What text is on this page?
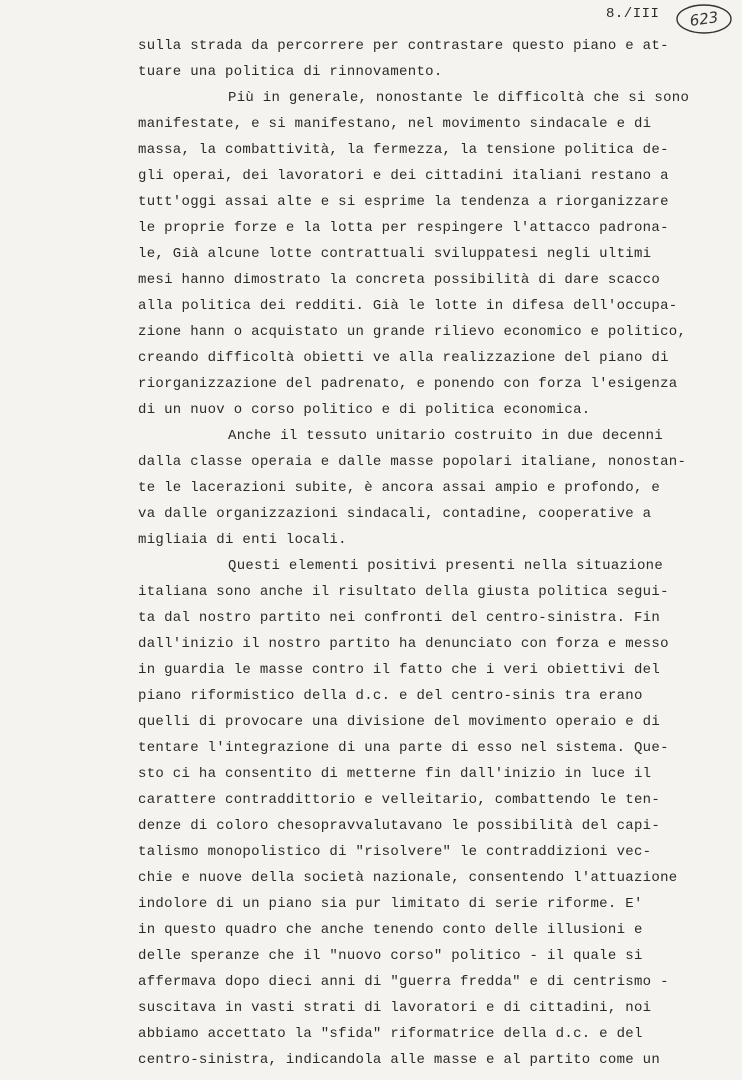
8./III	623
sulla strada da percorrere per contrastare questo piano e at-
tuare una politica di rinnovamento.
Più in generale, nonostante le difficoltà che si sono
manifestate, e si manifestano, nel movimento sindacale e di
massa, la combattività, la fermezza, la tensione politica de-
gli operai, dei lavoratori e dei cittadini italiani restano a
tutt'oggi assai alte e si esprime la tendenza a riorganizzare
le proprie forze e la lotta per respingere l'attacco padrona-
le, Già alcune lotte contrattuali sviluppatesi negli ultimi
mesi hanno dimostrato la concreta possibilità di dare scacco
alla politica dei redditi. Già le lotte in difesa dell'occupa-
zione hann o acquistato un grande rilievo economico e politico,
creando difficoltà obietti ve alla realizzazione del piano di
riorganizzazione del padrenato, e ponendo con forza l'esigenza
di un nuov o corso politico e di politica economica.
Anche il tessuto unitario costruito in due decenni
dalla classe operaia e dalle masse popolari italiane, nonostan-
te le lacerazioni subite, è ancora assai ampio e profondo, e
va dalle organizzazioni sindacali, contadine, cooperative a
migliaia di enti locali.
Questi elementi positivi presenti nella situazione
italiana sono anche il risultato della giusta politica segui-
ta dal nostro partito nei confronti del centro-sinistra. Fin
dall'inizio il nostro partito ha denunciato con forza e messo
in guardia le masse contro il fatto che i veri obiettivi del
piano riformistico della d.c. e del centro-sinis tra erano
quelli di provocare una divisione del movimento operaio e di
tentare l'integrazione di una parte di esso nel sistema. Que-
sto ci ha consentito di metterne fin dall'inizio in luce il
carattere contraddittorio e velleitario, combattendo le ten-
denze di coloro chesopravvalutavano le possibilità del capi-
talismo monopolistico di "risolvere" le contraddizioni vec-
chie e nuove della società nazionale, consentendo l'attuazione
indolore di un piano sia pur limitato di serie riforme. E'
in questo quadro che anche tenendo conto delle illusioni e
delle speranze che il "nuovo corso" politico - il quale si
affermava dopo dieci anni di "guerra fredda" e di centrismo -
suscitava in vasti strati di lavoratori e di cittadini, noi
abbiamo accettato la "sfida" riformatrice della d.c. e del
centro-sinistra, indicandola alle masse e al partito come un
